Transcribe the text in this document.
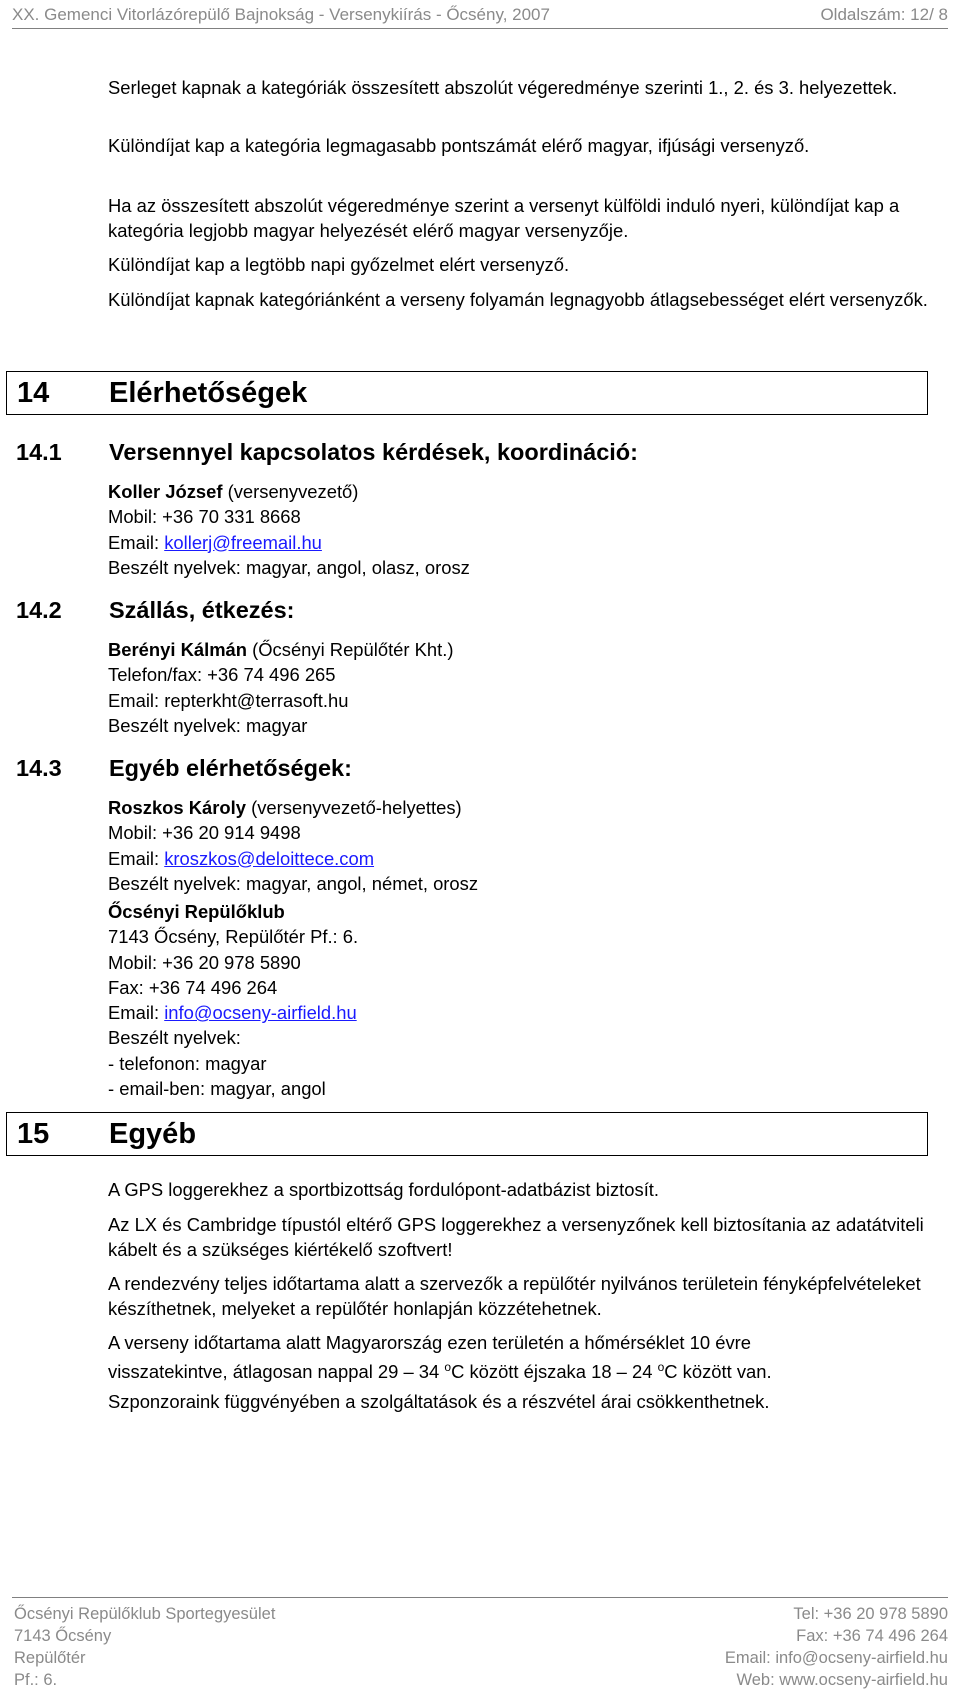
XX. Gemenci Vitorlázórepülő Bajnokság - Versenykiírás - Őcsény, 2007	Oldalszám: 12/ 8

Serleget kapnak a kategóriák összesített abszolút végeredménye szerinti 1., 2. és 3. helyezettek.

Különdíjat kap a kategória legmagasabb pontszámát elérő magyar, ifjúsági versenyző.

Ha az összesített abszolút végeredménye szerint a versenyt külföldi induló nyeri, különdíjat kap a kategória legjobb magyar helyezését elérő magyar versenyzője.

Különdíjat kap a legtöbb napi győzelmet elért versenyző.

Különdíjat kapnak kategóriánként a verseny folyamán legnagyobb átlagsebességet elért versenyzők.

14 Elérhetőségek
14.1 Versennyel kapcsolatos kérdések, koordináció:
Koller József (versenyvezető)
Mobil: +36 70 331 8668
Email: kollerj@freemail.hu
Beszélt nyelvek: magyar, angol, olasz, orosz
14.2 Szállás, étkezés:
Berényi Kálmán (Őcsényi Repülőtér Kht.)
Telefon/fax: +36 74 496 265
Email: repterkht@terrasoft.hu
Beszélt nyelvek: magyar
14.3 Egyéb elérhetőségek:
Roszkos Károly (versenyvezető-helyettes)
Mobil: +36 20 914 9498
Email: kroszkos@deloittece.com
Beszélt nyelvek: magyar, angol, német, orosz
Őcsényi Repülőklub
7143 Őcsény, Repülőtér Pf.: 6.
Mobil: +36 20 978 5890
Fax: +36 74 496 264
Email: info@ocseny-airfield.hu
Beszélt nyelvek:
- telefonon: magyar
- email-ben: magyar, angol
15 Egyéb

A GPS loggerekhez a sportbizottság fordulópont-adatbázist biztosít.

Az LX és Cambridge típustól eltérő GPS loggerekhez a versenyzőnek kell biztosítania az adatátviteli kábelt és a szükséges kiértékelő szoftvert!

A rendezvény teljes időtartama alatt a szervezők a repülőtér nyilvános területein fényképfelvételeket készíthetnek, melyeket a repülőtér honlapján közzétehetnek.

A verseny időtartama alatt Magyarország ezen területén a hőmérséklet 10 évre
visszatekintve, átlagosan nappal 29 – 34 $^o$C között éjszaka 18 – 24 $^o$C között van.

Szponzoraink függvényében a szolgáltatások és a részvétel árai csökkenthetnek.

Őcsényi Repülőklub Sportegyesület
7143 Őcsény
Repülőtér
Pf.: 6.
Tel: +36 20 978 5890
Fax: +36 74 496 264
Email: info@ocseny-airfield.hu
Web: www.ocseny-airfield.hu
